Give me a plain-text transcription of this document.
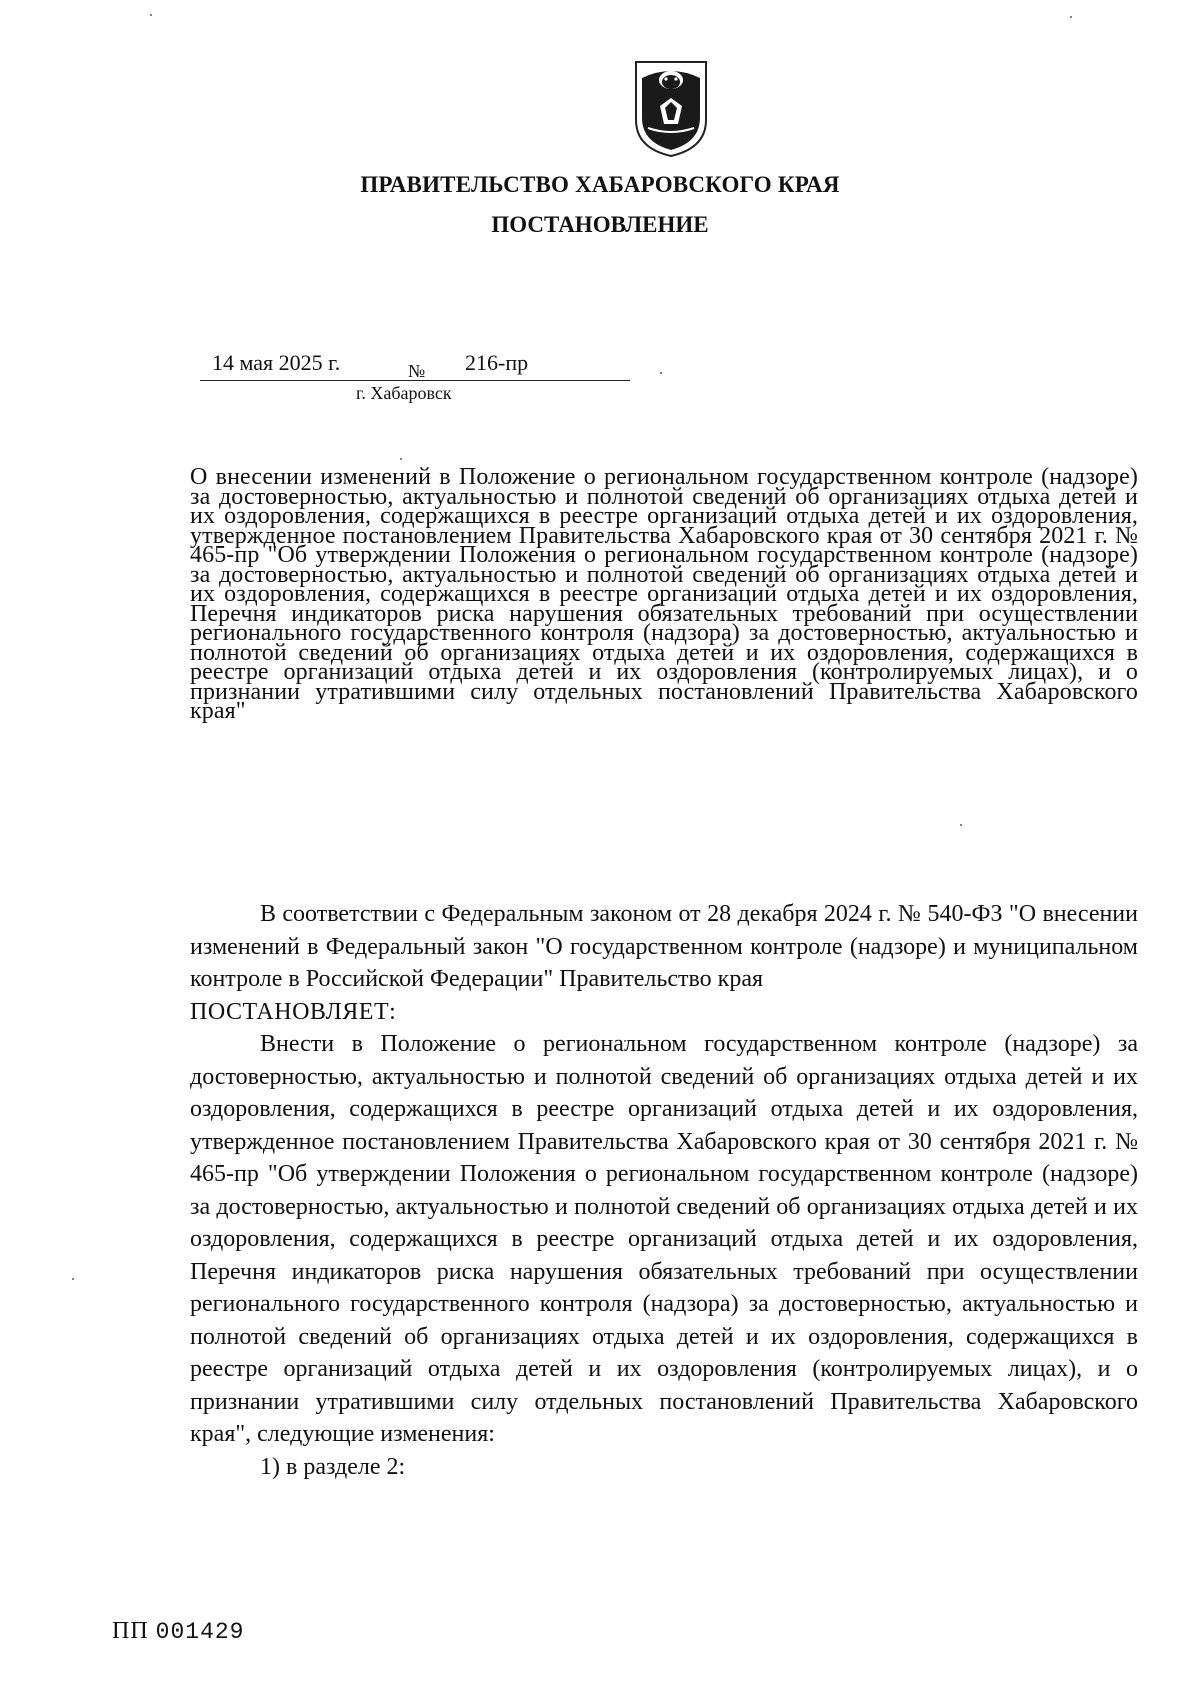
ПРАВИТЕЛЬСТВО ХАБАРОВСКОГО КРАЯ
ПОСТАНОВЛЕНИЕ
14 мая 2025 г.	№ 216-пр
г. Хабаровск
О внесении изменений в Положение о региональном государственном контроле (надзоре) за достоверностью, актуальностью и полнотой сведений об организациях отдыха детей и их оздоровления, содержащихся в реестре организаций отдыха детей и их оздоровления, утвержденное постановлением Правительства Хабаровского края от 30 сентября 2021 г. № 465-пр "Об утверждении Положения о региональном государственном контроле (надзоре) за достоверностью, актуальностью и полнотой сведений об организациях отдыха детей и их оздоровления, содержащихся в реестре организаций отдыха детей и их оздоровления, Перечня индикаторов риска нарушения обязательных требований при осуществлении регионального государственного контроля (надзора) за достоверностью, актуальностью и полнотой сведений об организациях отдыха детей и их оздоровления, содержащихся в реестре организаций отдыха детей и их оздоровления (контролируемых лицах), и о признании утратившими силу отдельных постановлений Правительства Хабаровского края"

В соответствии с Федеральным законом от 28 декабря 2024 г. № 540-ФЗ "О внесении изменений в Федеральный закон "О государственном контроле (надзоре) и муниципальном контроле в Российской Федерации" Правительство края

ПОСТАНОВЛЯЕТ:

Внести в Положение о региональном государственном контроле (надзоре) за достоверностью, актуальностью и полнотой сведений об организациях отдыха детей и их оздоровления, содержащихся в реестре организаций отдыха детей и их оздоровления, утвержденное постановлением Правительства Хабаровского края от 30 сентября 2021 г. № 465-пр "Об утверждении Положения о региональном государственном контроле (надзоре) за достоверностью, актуальностью и полнотой сведений об организациях отдыха детей и их оздоровления, содержащихся в реестре организаций отдыха детей и их оздоровления, Перечня индикаторов риска нарушения обязательных требований при осуществлении регионального государственного контроля (надзора) за достоверностью, актуальностью и полнотой сведений об организациях отдыха детей и их оздоровления, содержащихся в реестре организаций отдыха детей и их оздоровления (контролируемых лицах), и о признании утратившими силу отдельных постановлений Правительства Хабаровского края", следующие изменения:

1) в разделе 2:

ПП 001429
